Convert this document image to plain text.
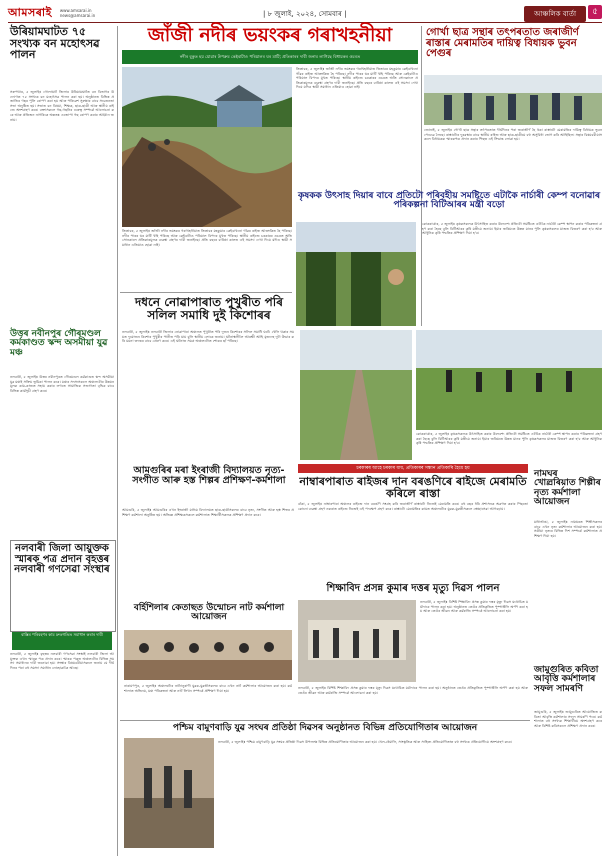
আমসৰাই www.amsarai.in
news@amsarai.in	| ৮ জুলাই, ২০২৪, সোমবাৰ |	আঞ্চলিক বাৰ্তা	৫
উৰিয়ামঘাটত ৭৫ সংখ্যক বন মহোৎসৱ পালন
সৰুপথাৰ, ৫ জুলাইঃ গোলাঘাট জিলাৰ উৰিয়ামঘাটত বন বিভাগৰ উদ্যোগত ৭৫ সংখ্যক বন মহোৎসৱ পালন কৰা হয়। অনুষ্ঠানত বিভিন্ন প্ৰজাতিৰ গছৰ পুলি ৰোপণ কৰা হয় আৰু পৰিৱেশ সুৰক্ষাৰ বাবে সচেতনতা সভা অনুষ্ঠিত হয়। সভাত বন বিষয়া, শিক্ষক, ছাত্ৰ-ছাত্ৰী আৰু স্থানীয় ৰাইজে অংশগ্ৰহণ কৰে। বক্তাসকলে গছ-গছনিৰ গুৰুত্ব সম্পৰ্কে আলোচনা কৰে আৰু প্ৰতিজন নাগৰিকে অন্ততঃ এজোপা গছ ৰোপণ কৰাৰ আহ্বান জনায়।
জাঁজী নদীৰ ভয়ংকৰ গৰাখহনীয়া
নদীৰ বুকুত হয় যোৱাৰ উপক্ৰম কেইবাটাও পৰিয়ালৰ ঘৰ মাটি; প্ৰতিকাৰৰ দাবী জনাব লাগিছে বিধায়কৰ ওচৰত
তিতাবৰ, ৫ জুলাইঃ জাঁজী নদীৰ ভয়ংকৰ গৰাখহনীয়াত তিতাবৰ মহকুমাৰ কেইবাখনো গাঁৱৰ ৰাইজ আতংকিত হৈ পৰিছে। নদীৰ পাৰৰ ঘৰ মাটি খহি পৰিছে আৰু কেইবাটাও পৰিয়াল বিপদৰ মুখত পৰিছে। স্থানীয় ৰাইজে চৰকাৰৰ ওচৰত অতি সোনকালে প্ৰতিকাৰমূলক ব্যৱস্থা গ্ৰহণৰ দাবী জনাইছে। প্ৰতি বছৰে বাৰিষা কালত এই সমস্যা দেখা দিয়ে যদিও স্থায়ী সমাধান এতিয়াও হোৱা নাই।
তিতাবৰ, ৫ জুলাইঃ জাঁজী নদীৰ ভয়ংকৰ গৰাখহনীয়াত তিতাবৰ মহকুমাৰ কেইবাখনো গাঁৱৰ ৰাইজ আতংকিত হৈ পৰিছে। নদীৰ পাৰৰ ঘৰ মাটি খহি পৰিছে আৰু কেইবাটাও পৰিয়াল বিপদৰ মুখত পৰিছে। স্থানীয় ৰাইজে চৰকাৰৰ ওচৰত অতি সোনকালে প্ৰতিকাৰমূলক ব্যৱস্থা গ্ৰহণৰ দাবী জনাইছে। প্ৰতি বছৰে বাৰিষা কালত এই সমস্যা দেখা দিয়ে যদিও স্থায়ী সমাধান এতিয়াও হোৱা নাই।
গোৰ্খা ছাত্ৰ সন্থাৰ তৎপৰতাত জৰাজীৰ্ণ ৰাস্তাৰ মেৰামতিৰ দায়িত্ব বিধায়ক ভুবন পেগুৰ
জোনাই, ৫ জুলাইঃ গোৰ্খা ছাত্ৰ সন্থাৰ তৎপৰতাত দীৰ্ঘদিনৰ পৰা জৰাজীৰ্ণ হৈ থকা ৰাস্তাটো মেৰামতিৰ দায়িত্ব বিধায়ক ভুবন পেগুৱে লৈছে। ৰাস্তাটোৰ দুৰৱস্থাৰ বাবে স্থানীয় ৰাইজ আৰু ছাত্ৰ-ছাত্ৰীয়ে বহু অসুবিধা ভোগ কৰি আহিছিল। সন্থাৰ বিষয়ববীয়াসকলে বিধায়কক স্মাৰকপত্ৰ প্ৰদান কৰাৰ পিছত এই সিদ্ধান্ত লোৱা হয়।
কৃষকক উৎসাহ দিয়াৰ বাবে প্ৰতিটো পৰিবহীয় সমষ্টিতে এটাকৈ নাৰ্চাৰী কেম্প বনোৱাৰ পৰিকল্পনা বিটিআৰৰ মন্ত্ৰী বড়ো
কোকৰাঝাৰ, ৫ জুলাইঃ কৃষকসকলক উৎসাহিত কৰাৰ উদ্দেশ্যে প্ৰতিটো সমষ্টিতে এটাকৈ নাৰ্চাৰী কেম্প স্থাপন কৰাৰ পৰিকল্পনা গ্ৰহণ কৰা হৈছে বুলি বিটিআৰৰ কৃষি মন্ত্ৰীয়ে জনায়। ইয়াৰ জৰিয়তে উন্নত মানৰ পুলি কৃষকসকলৰ মাজত বিতৰণ কৰা হ'ব আৰু আধুনিক কৃষি পদ্ধতিৰ প্ৰশিক্ষণ দিয়া হ'ব।
দধনে নোৱাপাৰাত পুখুৰীত পৰি সলিল সমাধি দুই কিশোৰৰ
নলবাৰী, ৫ জুলাইঃ নলবাৰী জিলাৰ নোৱাপাৰা অঞ্চলত পুখুৰীত পৰি দুজন কিশোৰৰ সলিল সমাধি ঘটে। খেলি থকাৰ সময়ত দুয়োজন কিশোৰ পুখুৰীৰ পানীত পৰি যায় বুলি স্থানীয় লোকে জনায়। ঘটনাস্থলীলৈ আৰক্ষী আহি মৃতদেহ দুটা উদ্ধাৰ কৰি ময়না তদন্তৰ বাবে প্ৰেৰণ কৰে। এই ঘটনাত সমগ্ৰ অঞ্চলটোত শোকৰ ছাঁ পৰিছে।
উত্তৰ নবীনপুৰ গৌৰমণ্ডল কৰ্মকাণ্ডত স্কন্দ অসমীয়া যুৱ মঞ্চ
নলবাৰী, ৫ জুলাইঃ উত্তৰ নবীনপুৰত গৌৰমণ্ডল কৰ্মকাণ্ডত স্কন্দ অসমীয়া যুৱ মঞ্চই সক্ৰিয় ভূমিকা পালন কৰে। মঞ্চৰ সদস্যসকলে অঞ্চলটোৰ উন্নয়নমূলক কাম-কাজত সহায় কৰাৰ লগতে সামাজিক সজাগতা বৃদ্ধিৰ বাবে বিভিন্ন কাৰ্যসূচী গ্ৰহণ কৰে।
কোকৰাঝাৰ, ৫ জুলাইঃ কৃষকসকলক উৎসাহিত কৰাৰ উদ্দেশ্যে প্ৰতিটো সমষ্টিতে এটাকৈ নাৰ্চাৰী কেম্প স্থাপন কৰাৰ পৰিকল্পনা গ্ৰহণ কৰা হৈছে বুলি বিটিআৰৰ কৃষি মন্ত্ৰীয়ে জনায়। ইয়াৰ জৰিয়তে উন্নত মানৰ পুলি কৃষকসকলৰ মাজত বিতৰণ কৰা হ'ব আৰু আধুনিক কৃষি পদ্ধতিৰ প্ৰশিক্ষণ দিয়া হ'ব।
চৰকাৰৰ আহে চৰকাৰ যায়, প্ৰতিকাৰৰ সন্ধান প্ৰতিকাৰি হৈয়ে হয়
নাম্বাৰপাৰাত ৰাইজৰ দান বৰঙণিৰে ৰাইজে মেৰামতি কৰিলে ৰাস্তা
বাঁকা, ৫ জুলাইঃ নাম্বাৰপাৰা অঞ্চলৰ ৰাইজে দান বৰঙণি সংগ্ৰহ কৰি জৰাজীৰ্ণ ৰাস্তাটো নিজেই মেৰামতি কৰে। বহু বছৰ ধৰি প্ৰশাসনক অৱগত কৰাৰ পিছতো কোনো ব্যৱস্থা গ্ৰহণ নকৰাত ৰাইজে নিজেই এই পদক্ষেপ গ্ৰহণ কৰে। ৰাস্তাটো মেৰামতিৰ কামত অঞ্চলটোৰ যুৱক-যুৱতীসকলে স্বেচ্ছাসেৱা আগবঢ়ায়।
নামঘৰ খোল্ৰৰিয়াত শিল্পীৰ নৃত্য কৰ্মশালা আয়োজন
মাধাৰ্ভাঙা, ৫ জুলাইঃ নামঘৰত শিল্পীসকলৰ বাবে এখন নৃত্য কৰ্মশালাৰ আয়োজন কৰা হয়। সত্ৰীয়া নৃত্যৰ বিভিন্ন দিশ সম্পৰ্কে কৰ্মশালাত প্ৰশিক্ষণ দিয়া হয়।
আমগুৰিৰ মৰা ইংৰাজী বিদ্যালয়ত নৃত্য-সংগীত আৰু হস্ত শিল্পৰ প্ৰশিক্ষণ-কৰ্মশালা
আমগুৰি, ৫ জুলাইঃ আমগুৰিৰ এখন ইংৰাজী মাধ্যম বিদ্যালয়ত ছাত্ৰ-ছাত্ৰীসকলৰ বাবে নৃত্য, সংগীত আৰু হস্ত শিল্পৰ প্ৰশিক্ষণ কৰ্মশালা অনুষ্ঠিত হয়। অভিজ্ঞ প্ৰশিক্ষকসকলে কৰ্মশালাত শিক্ষাৰ্থীসকলক প্ৰশিক্ষণ প্ৰদান কৰে।
নলবাৰী জিলা আয়ুক্তক স্মাৰক পত্ৰ প্ৰদান বৃহত্তৰ নলবাৰী গণসেৱা সংস্থাৰ
বাস্তিৰ পৰিবহণৰ কাম দ্ৰুতগতিত সমাধান কৰাৰ দাবী
নলবাৰী, ৫ জুলাইঃ বৃহত্তৰ নলবাৰী গণসেৱা সংস্থাই নলবাৰী জিলা আয়ুক্তক এখন স্মাৰক পত্ৰ প্ৰদান কৰে। স্মাৰক পত্ৰত অঞ্চলটোৰ বিভিন্ন সমস্যা সমাধানৰ দাবী জনোৱা হয়। সংস্থাৰ বিষয়ববীয়াসকলে জনায় যে দীৰ্ঘদিনৰ পৰা বহু সমস্যা সমাধান নোহোৱাকৈ আছে।
শিক্ষাবিদ প্ৰসন্ন কুমাৰ দত্তৰ মৃত্যু দিৱস পালন
নলবাৰী, ৫ জুলাইঃ বিশিষ্ট শিক্ষাবিদ প্ৰসন্ন কুমাৰ দত্তৰ মৃত্যু দিৱস যথোচিত মৰ্যাদাৰে পালন কৰা হয়। অনুষ্ঠানত তেওঁৰ প্ৰতিকৃতিত পুষ্পাঞ্জলি অৰ্পণ কৰা হয় আৰু তেওঁৰ জীৱন আৰু কৰ্মৰাজি সম্পৰ্কে আলোচনা কৰা হয়।
নলবাৰী, ৫ জুলাইঃ বিশিষ্ট শিক্ষাবিদ প্ৰসন্ন কুমাৰ দত্তৰ মৃত্যু দিৱস যথোচিত মৰ্যাদাৰে পালন কৰা হয়। অনুষ্ঠানত তেওঁৰ প্ৰতিকৃতিত পুষ্পাঞ্জলি অৰ্পণ কৰা হয় আৰু তেওঁৰ জীৱন আৰু কৰ্মৰাজি সম্পৰ্কে আলোচনা কৰা হয়।
বৰ্হিশিলাৰ কেতাছত উন্মোচন নাট কৰ্মশালা আয়োজন
নাৰায়ণপুৰ, ৫ জুলাইঃ অঞ্চলটোৰ নাট্যানুৰাগী যুৱক-যুৱতীসকলৰ বাবে এখন নাট কৰ্মশালাৰ আয়োজন কৰা হয়। কৰ্মশালাত অভিনয়, মঞ্চ পৰিকল্পনা আৰু নাট লিখন সম্পৰ্কে প্ৰশিক্ষণ দিয়া হয়।
জামুগুৰিত কবিতা আবৃত্তি কৰ্মশালাৰ সফল সামৰণি
জামুগুৰি, ৫ জুলাইঃ জামুগুৰিত আয়োজিত কবিতা আবৃত্তি কৰ্মশালাৰ সফল সামৰণি পৰে। কৰ্মশালাত বহু সংখ্যক শিক্ষাৰ্থীয়ে অংশগ্ৰহণ কৰে আৰু বিশিষ্ট কবিসকলে প্ৰশিক্ষণ প্ৰদান কৰে।
পশ্চিম বামুণবাড়ি যুৱ সংঘৰ প্ৰতিষ্ঠা দিৱসৰ অনুষ্ঠানত বিভিন্ন প্ৰতিযোগিতাৰ আয়োজন
নলবাৰী, ৫ জুলাইঃ পশ্চিম বামুণবাড়ি যুৱ সংঘৰ প্ৰতিষ্ঠা দিৱস উপলক্ষে বিভিন্ন প্ৰতিযোগিতাৰ আয়োজন কৰা হয়। খেল-ধেমালি, সাংস্কৃতিক আৰু সাহিত্য প্ৰতিযোগিতাত বহু সংখ্যক প্ৰতিযোগীয়ে অংশগ্ৰহণ কৰে।
